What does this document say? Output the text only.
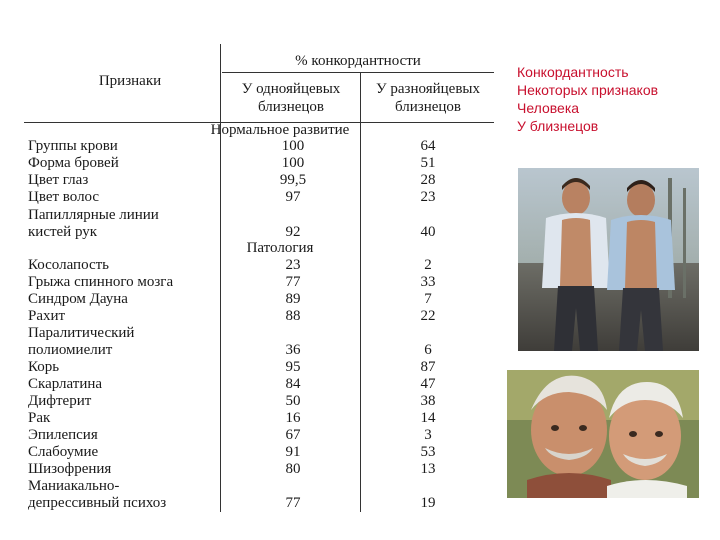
Признаки
% конкордантности
У однояйцевых
близнецов
У разнояйцевых
близнецов
Нормальное развитие
Группы крови	100	64
Форма бровей	100	51
Цвет глаз	99,5	28
Цвет волос	97	23
Папиллярные линии
кистей рук	92	40
Патология
Косолапость	23	2
Грыжа спинного мозга	77	33
Синдром Дауна	89	7
Рахит	88	22
Паралитический
полиомиелит	36	6
Корь	95	87
Скарлатина	84	47
Дифтерит	50	38
Рак	16	14
Эпилепсия	67	3
Слабоумие	91	53
Шизофрения	80	13
Маниакально-
депрессивный психоз	77	19
Конкордантность
Некоторых признаков
Человека
У близнецов
